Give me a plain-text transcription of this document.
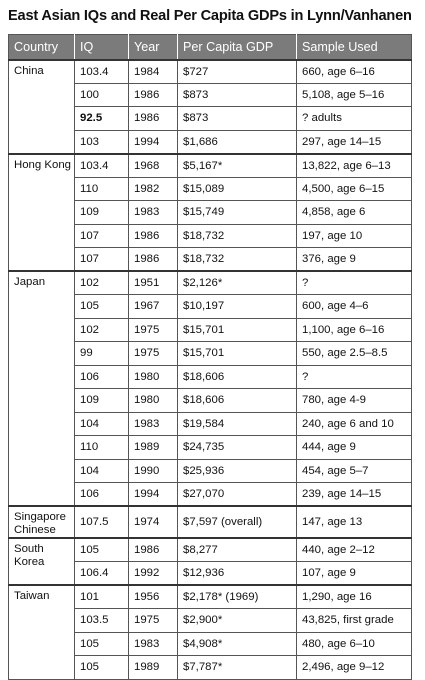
East Asian IQs and Real Per Capita GDPs in Lynn/Vanhanen
Country	IQ	Year	Per Capita GDP	Sample Used
China	103.4	1984	$727	660, age 6–16
	100	1986	$873	5,108, age 5–16
	92.5	1986	$873	? adults
	103	1994	$1,686	297, age 14–15
Hong Kong	103.4	1968	$5,167*	13,822, age 6–13
	110	1982	$15,089	4,500, age 6–15
	109	1983	$15,749	4,858, age 6
	107	1986	$18,732	197, age 10
	107	1986	$18,732	376, age 9
Japan	102	1951	$2,126*	?
	105	1967	$10,197	600, age 4–6
	102	1975	$15,701	1,100, age 6–16
	99	1975	$15,701	550, age 2.5–8.5
	106	1980	$18,606	?
	109	1980	$18,606	780, age 4-9
	104	1983	$19,584	240, age 6 and 10
	110	1989	$24,735	444, age 9
	104	1990	$25,936	454, age 5–7
	106	1994	$27,070	239, age 14–15
Singapore Chinese	107.5	1974	$7,597 (overall)	147, age 13
South Korea	105	1986	$8,277	440, age 2–12
	106.4	1992	$12,936	107, age 9
Taiwan	101	1956	$2,178* (1969)	1,290, age 16
	103.5	1975	$2,900*	43,825, first grade
	105	1983	$4,908*	480, age 6–10
	105	1989	$7,787*	2,496, age 9–12
